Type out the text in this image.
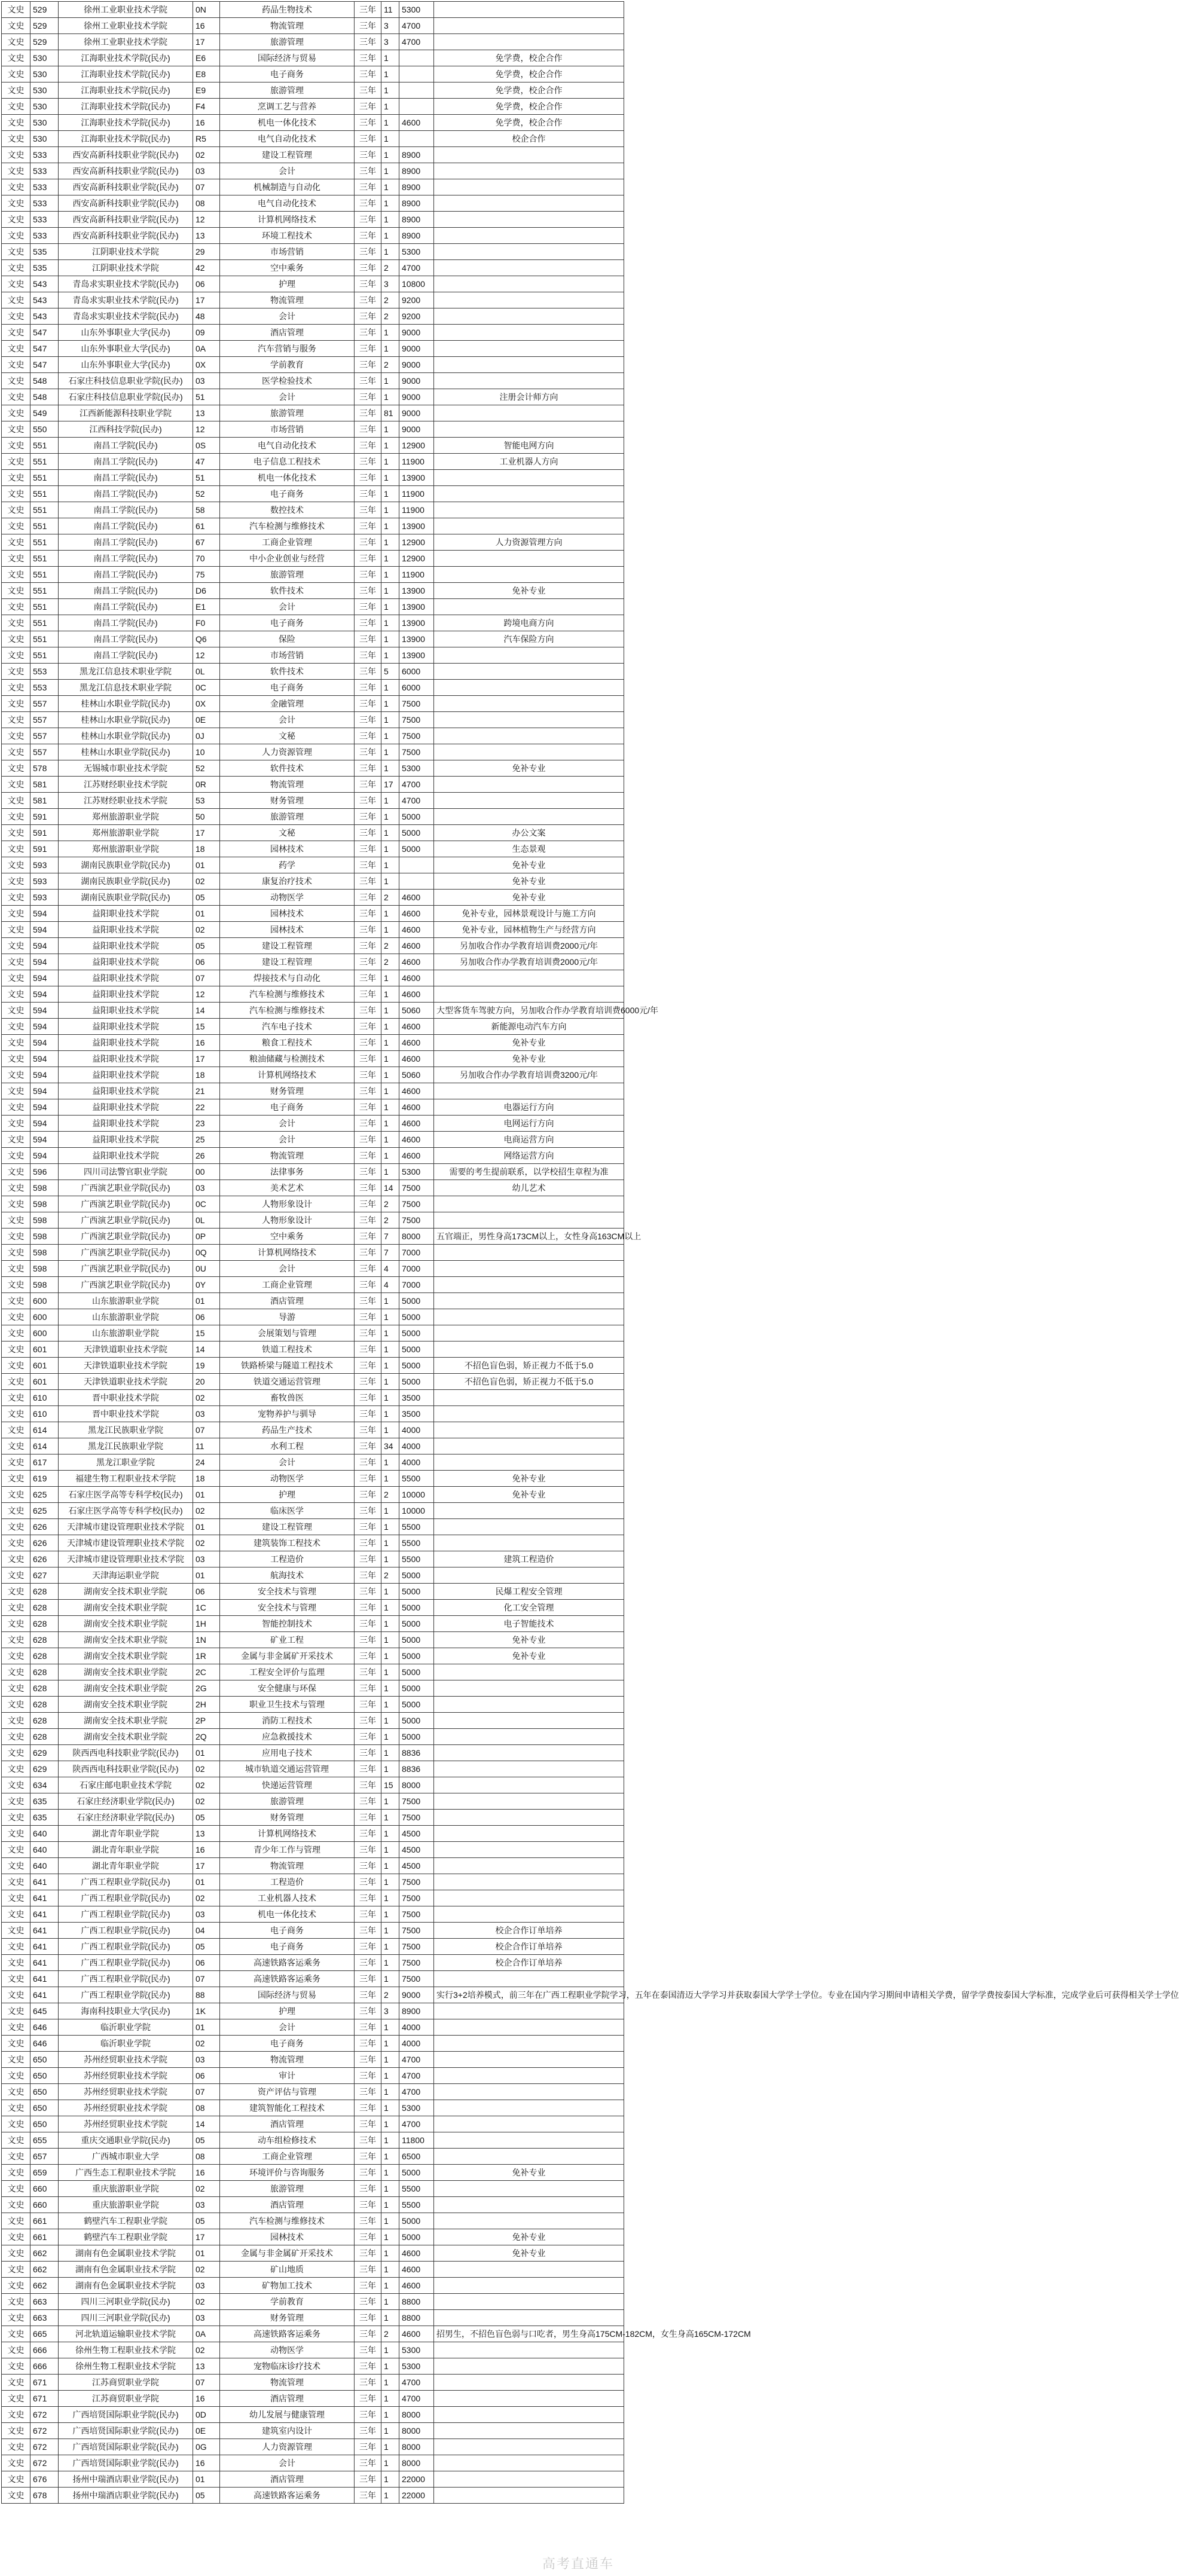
文史	529	徐州工业职业技术学院	0N	药品生物技术	三年	11	5300	
文史	529	徐州工业职业技术学院	16	物流管理	三年	3	4700	
文史	529	徐州工业职业技术学院	17	旅游管理	三年	3	4700	
文史	530	江海职业技术学院(民办)	E6	国际经济与贸易	三年	1		免学费，校企合作
文史	530	江海职业技术学院(民办)	E8	电子商务	三年	1		免学费，校企合作
文史	530	江海职业技术学院(民办)	E9	旅游管理	三年	1		免学费，校企合作
文史	530	江海职业技术学院(民办)	F4	烹调工艺与营养	三年	1		免学费，校企合作
文史	530	江海职业技术学院(民办)	16	机电一体化技术	三年	1	4600	免学费，校企合作
文史	530	江海职业技术学院(民办)	R5	电气自动化技术	三年	1		校企合作
文史	533	西安高新科技职业学院(民办)	02	建设工程管理	三年	1	8900	
文史	533	西安高新科技职业学院(民办)	03	会计	三年	1	8900	
文史	533	西安高新科技职业学院(民办)	07	机械制造与自动化	三年	1	8900	
文史	533	西安高新科技职业学院(民办)	08	电气自动化技术	三年	1	8900	
文史	533	西安高新科技职业学院(民办)	12	计算机网络技术	三年	1	8900	
文史	533	西安高新科技职业学院(民办)	13	环境工程技术	三年	1	8900	
文史	535	江阴职业技术学院	29	市场营销	三年	1	5300	
文史	535	江阴职业技术学院	42	空中乘务	三年	2	4700	
文史	543	青岛求实职业技术学院(民办)	06	护理	三年	3	10800	
文史	543	青岛求实职业技术学院(民办)	17	物流管理	三年	2	9200	
文史	543	青岛求实职业技术学院(民办)	48	会计	三年	2	9200	
文史	547	山东外事职业大学(民办)	09	酒店管理	三年	1	9000	
文史	547	山东外事职业大学(民办)	0A	汽车营销与服务	三年	1	9000	
文史	547	山东外事职业大学(民办)	0X	学前教育	三年	2	9000	
文史	548	石家庄科技信息职业学院(民办)	03	医学检验技术	三年	1	9000	
文史	548	石家庄科技信息职业学院(民办)	51	会计	三年	1	9000	注册会计师方向
文史	549	江西新能源科技职业学院	13	旅游管理	三年	81	9000	
文史	550	江西科技学院(民办)	12	市场营销	三年	1	9000	
文史	551	南昌工学院(民办)	0S	电气自动化技术	三年	1	12900	智能电网方向
文史	551	南昌工学院(民办)	47	电子信息工程技术	三年	1	11900	工业机器人方向
文史	551	南昌工学院(民办)	51	机电一体化技术	三年	1	13900	
文史	551	南昌工学院(民办)	52	电子商务	三年	1	11900	
文史	551	南昌工学院(民办)	58	数控技术	三年	1	11900	
文史	551	南昌工学院(民办)	61	汽车检测与维修技术	三年	1	13900	
文史	551	南昌工学院(民办)	67	工商企业管理	三年	1	12900	人力资源管理方向
文史	551	南昌工学院(民办)	70	中小企业创业与经营	三年	1	12900	
文史	551	南昌工学院(民办)	75	旅游管理	三年	1	11900	
文史	551	南昌工学院(民办)	D6	软件技术	三年	1	13900	免补专业
文史	551	南昌工学院(民办)	E1	会计	三年	1	13900	
文史	551	南昌工学院(民办)	F0	电子商务	三年	1	13900	跨境电商方向
文史	551	南昌工学院(民办)	Q6	保险	三年	1	13900	汽车保险方向
文史	551	南昌工学院(民办)	12	市场营销	三年	1	13900	
文史	553	黑龙江信息技术职业学院	0L	软件技术	三年	5	6000	
文史	553	黑龙江信息技术职业学院	0C	电子商务	三年	1	6000	
文史	557	桂林山水职业学院(民办)	0X	金融管理	三年	1	7500	
文史	557	桂林山水职业学院(民办)	0E	会计	三年	1	7500	
文史	557	桂林山水职业学院(民办)	0J	文秘	三年	1	7500	
文史	557	桂林山水职业学院(民办)	10	人力资源管理	三年	1	7500	
文史	578	无锡城市职业技术学院	52	软件技术	三年	1	5300	免补专业
文史	581	江苏财经职业技术学院	0R	物流管理	三年	17	4700	
文史	581	江苏财经职业技术学院	53	财务管理	三年	1	4700	
文史	591	郑州旅游职业学院	50	旅游管理	三年	1	5000	
文史	591	郑州旅游职业学院	17	文秘	三年	1	5000	办公文案
文史	591	郑州旅游职业学院	18	园林技术	三年	1	5000	生态景观
文史	593	湖南民族职业学院(民办)	01	药学	三年	1		免补专业
文史	593	湖南民族职业学院(民办)	02	康复治疗技术	三年	1		免补专业
文史	593	湖南民族职业学院(民办)	05	动物医学	三年	2	4600	免补专业
文史	594	益阳职业技术学院	01	园林技术	三年	1	4600	免补专业，园林景观设计与施工方向
文史	594	益阳职业技术学院	02	园林技术	三年	1	4600	免补专业，园林植物生产与经营方向
文史	594	益阳职业技术学院	05	建设工程管理	三年	2	4600	另加收合作办学教育培训费2000元/年
文史	594	益阳职业技术学院	06	建设工程管理	三年	2	4600	另加收合作办学教育培训费2000元/年
文史	594	益阳职业技术学院	07	焊接技术与自动化	三年	1	4600	
文史	594	益阳职业技术学院	12	汽车检测与维修技术	三年	1	4600	
文史	594	益阳职业技术学院	14	汽车检测与维修技术	三年	1	5060	大型客货车驾驶方向，另加收合作办学教育培训费6000元/年
文史	594	益阳职业技术学院	15	汽车电子技术	三年	1	4600	新能源电动汽车方向
文史	594	益阳职业技术学院	16	粮食工程技术	三年	1	4600	免补专业
文史	594	益阳职业技术学院	17	粮油储藏与检测技术	三年	1	4600	免补专业
文史	594	益阳职业技术学院	18	计算机网络技术	三年	1	5060	另加收合作办学教育培训费3200元/年
文史	594	益阳职业技术学院	21	财务管理	三年	1	4600	
文史	594	益阳职业技术学院	22	电子商务	三年	1	4600	电器运行方向
文史	594	益阳职业技术学院	23	会计	三年	1	4600	电网运行方向
文史	594	益阳职业技术学院	25	会计	三年	1	4600	电商运营方向
文史	594	益阳职业技术学院	26	物流管理	三年	1	4600	网络运营方向
文史	596	四川司法警官职业学院	00	法律事务	三年	1	5300	需要的考生提前联系，以学校招生章程为准
文史	598	广西演艺职业学院(民办)	03	美术艺术	三年	14	7500	幼儿艺术
文史	598	广西演艺职业学院(民办)	0C	人物形象设计	三年	2	7500	
文史	598	广西演艺职业学院(民办)	0L	人物形象设计	三年	2	7500	
文史	598	广西演艺职业学院(民办)	0P	空中乘务	三年	7	8000	五官端正，男性身高173CM以上，女性身高163CM以上
文史	598	广西演艺职业学院(民办)	0Q	计算机网络技术	三年	7	7000	
文史	598	广西演艺职业学院(民办)	0U	会计	三年	4	7000	
文史	598	广西演艺职业学院(民办)	0Y	工商企业管理	三年	4	7000	
文史	600	山东旅游职业学院	01	酒店管理	三年	1	5000	
文史	600	山东旅游职业学院	06	导游	三年	1	5000	
文史	600	山东旅游职业学院	15	会展策划与管理	三年	1	5000	
文史	601	天津铁道职业技术学院	14	铁道工程技术	三年	1	5000	
文史	601	天津铁道职业技术学院	19	铁路桥梁与隧道工程技术	三年	1	5000	不招色盲色弱，矫正视力不低于5.0
文史	601	天津铁道职业技术学院	20	铁道交通运营管理	三年	1	5000	不招色盲色弱，矫正视力不低于5.0
文史	610	晋中职业技术学院	02	畜牧兽医	三年	1	3500	
文史	610	晋中职业技术学院	03	宠物养护与驯导	三年	1	3500	
文史	614	黑龙江民族职业学院	07	药品生产技术	三年	1	4000	
文史	614	黑龙江民族职业学院	11	水利工程	三年	34	4000	
文史	617	黑龙江职业学院	24	会计	三年	1	4000	
文史	619	福建生物工程职业技术学院	18	动物医学	三年	1	5500	免补专业
文史	625	石家庄医学高等专科学校(民办)	01	护理	三年	2	10000	免补专业
文史	625	石家庄医学高等专科学校(民办)	02	临床医学	三年	1	10000	
文史	626	天津城市建设管理职业技术学院	01	建设工程管理	三年	1	5500	
文史	626	天津城市建设管理职业技术学院	02	建筑装饰工程技术	三年	1	5500	
文史	626	天津城市建设管理职业技术学院	03	工程造价	三年	1	5500	建筑工程造价
文史	627	天津海运职业学院	01	航海技术	三年	2	5000	
文史	628	湖南安全技术职业学院	06	安全技术与管理	三年	1	5000	民爆工程安全管理
文史	628	湖南安全技术职业学院	1C	安全技术与管理	三年	1	5000	化工安全管理
文史	628	湖南安全技术职业学院	1H	智能控制技术	三年	1	5000	电子智能技术
文史	628	湖南安全技术职业学院	1N	矿业工程	三年	1	5000	免补专业
文史	628	湖南安全技术职业学院	1R	金属与非金属矿开采技术	三年	1	5000	免补专业
文史	628	湖南安全技术职业学院	2C	工程安全评价与监理	三年	1	5000	
文史	628	湖南安全技术职业学院	2G	安全健康与环保	三年	1	5000	
文史	628	湖南安全技术职业学院	2H	职业卫生技术与管理	三年	1	5000	
文史	628	湖南安全技术职业学院	2P	消防工程技术	三年	1	5000	
文史	628	湖南安全技术职业学院	2Q	应急救援技术	三年	1	5000	
文史	629	陕西西电科技职业学院(民办)	01	应用电子技术	三年	1	8836	
文史	629	陕西西电科技职业学院(民办)	02	城市轨道交通运营管理	三年	1	8836	
文史	634	石家庄邮电职业技术学院	02	快递运营管理	三年	15	8000	
文史	635	石家庄经济职业学院(民办)	02	旅游管理	三年	1	7500	
文史	635	石家庄经济职业学院(民办)	05	财务管理	三年	1	7500	
文史	640	湖北青年职业学院	13	计算机网络技术	三年	1	4500	
文史	640	湖北青年职业学院	16	青少年工作与管理	三年	1	4500	
文史	640	湖北青年职业学院	17	物流管理	三年	1	4500	
文史	641	广西工程职业学院(民办)	01	工程造价	三年	1	7500	
文史	641	广西工程职业学院(民办)	02	工业机器人技术	三年	1	7500	
文史	641	广西工程职业学院(民办)	03	机电一体化技术	三年	1	7500	
文史	641	广西工程职业学院(民办)	04	电子商务	三年	1	7500	校企合作订单培养
文史	641	广西工程职业学院(民办)	05	电子商务	三年	1	7500	校企合作订单培养
文史	641	广西工程职业学院(民办)	06	高速铁路客运乘务	三年	1	7500	校企合作订单培养
文史	641	广西工程职业学院(民办)	07	高速铁路客运乘务	三年	1	7500	
文史	641	广西工程职业学院(民办)	88	国际经济与贸易	三年	2	9000	实行3+2培养模式，前三年在广西工程职业学院学习，五年在泰国清迈大学学习并获取泰国大学学士学位。专业在国内学习期间申请相关学费，留学学费按泰国大学标准，完成学业后可获得相关学士学位
文史	645	海南科技职业大学(民办)	1K	护理	三年	3	8900	
文史	646	临沂职业学院	01	会计	三年	1	4000	
文史	646	临沂职业学院	02	电子商务	三年	1	4000	
文史	650	苏州经贸职业技术学院	03	物流管理	三年	1	4700	
文史	650	苏州经贸职业技术学院	06	审计	三年	1	4700	
文史	650	苏州经贸职业技术学院	07	资产评估与管理	三年	1	4700	
文史	650	苏州经贸职业技术学院	08	建筑智能化工程技术	三年	1	5300	
文史	650	苏州经贸职业技术学院	14	酒店管理	三年	1	4700	
文史	655	重庆交通职业学院(民办)	05	动车组检修技术	三年	1	11800	
文史	657	广西城市职业大学	08	工商企业管理	三年	1	6500	
文史	659	广西生态工程职业技术学院	16	环境评价与咨询服务	三年	1	5000	免补专业
文史	660	重庆旅游职业学院	02	旅游管理	三年	1	5500	
文史	660	重庆旅游职业学院	03	酒店管理	三年	1	5500	
文史	661	鹤壁汽车工程职业学院	05	汽车检测与维修技术	三年	1	5000	
文史	661	鹤壁汽车工程职业学院	17	园林技术	三年	1	5000	免补专业
文史	662	湖南有色金属职业技术学院	01	金属与非金属矿开采技术	三年	1	4600	免补专业
文史	662	湖南有色金属职业技术学院	02	矿山地质	三年	1	4600	
文史	662	湖南有色金属职业技术学院	03	矿物加工技术	三年	1	4600	
文史	663	四川三河职业学院(民办)	02	学前教育	三年	1	8800	
文史	663	四川三河职业学院(民办)	03	财务管理	三年	1	8800	
文史	665	河北轨道运输职业技术学院	0A	高速铁路客运乘务	三年	2	4600	招男生，不招色盲色弱与口吃者，男生身高175CM-182CM，女生身高165CM-172CM
文史	666	徐州生物工程职业技术学院	02	动物医学	三年	1	5300	
文史	666	徐州生物工程职业技术学院	13	宠物临床诊疗技术	三年	1	5300	
文史	671	江苏商贸职业学院	07	物流管理	三年	1	4700	
文史	671	江苏商贸职业学院	16	酒店管理	三年	1	4700	
文史	672	广西培贤国际职业学院(民办)	0D	幼儿发展与健康管理	三年	1	8000	
文史	672	广西培贤国际职业学院(民办)	0E	建筑室内设计	三年	1	8000	
文史	672	广西培贤国际职业学院(民办)	0G	人力资源管理	三年	1	8000	
文史	672	广西培贤国际职业学院(民办)	16	会计	三年	1	8000	
文史	676	扬州中瑞酒店职业学院(民办)	01	酒店管理	三年	1	22000	
文史	678	扬州中瑞酒店职业学院(民办)	05	高速铁路客运乘务	三年	1	22000	
高考直通车
